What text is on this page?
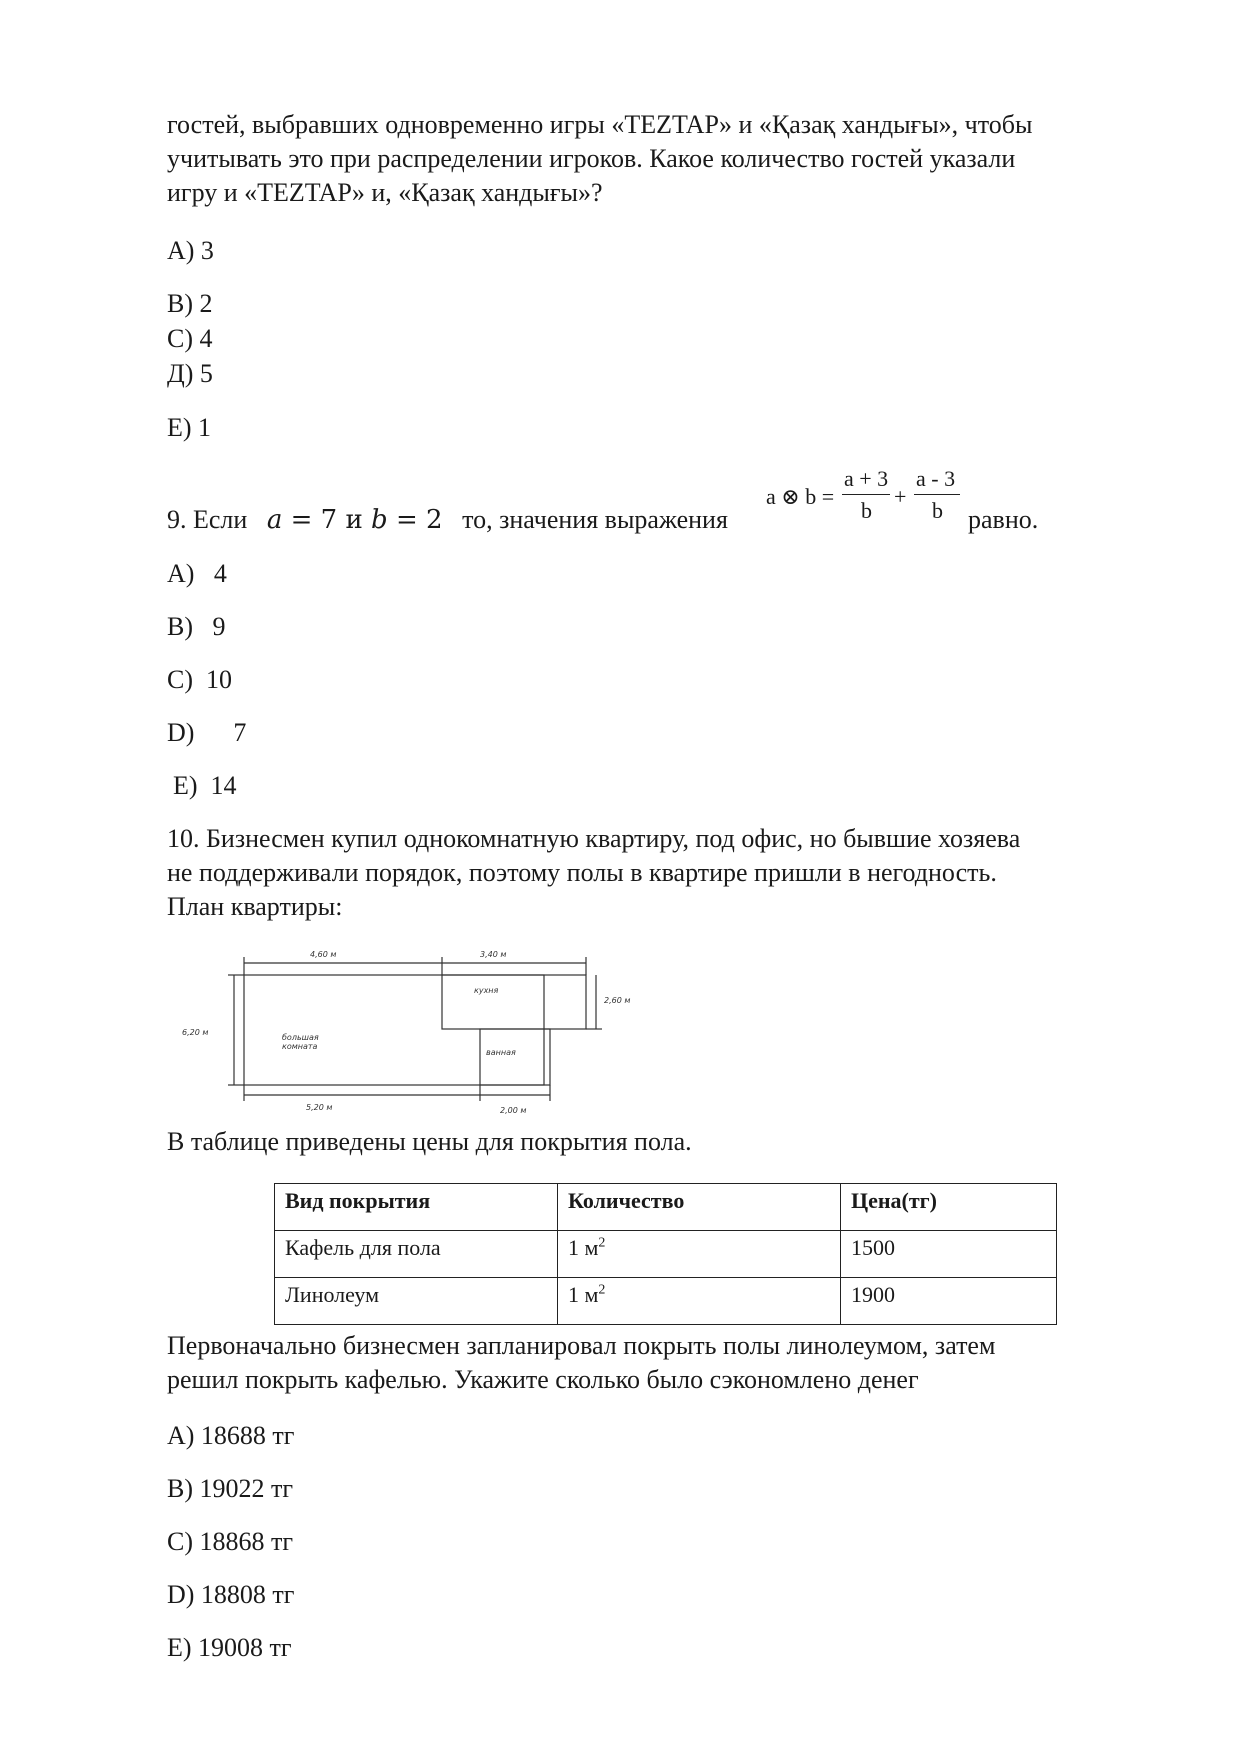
гостей, выбравших одновременно игры «TEZTAP» и «Қазақ хандығы», чтобы
учитывать это при распределении игроков. Какое количество гостей указали
игру и «TEZTAP» и, «Қазақ хандығы»?
А) 3
В) 2
С) 4
Д) 5
Е) 1
9. Если a = 7 и b = 2 то, значения выражения
a ⊗ b =
a + 3
b
+
a - 3
b равно.
A)   4
B)   9
C)  10
D)      7
E)  14
10. Бизнесмен купил однокомнатную квартиру, под офис, но бывшие хозяева
не поддерживали порядок, поэтому полы в квартире пришли в негодность.
План квартиры:
4,60 м	3,40 м
6,20 м
2,60 м
кухня
большая
комната
ванная
5,20 м	2,00 м
В таблице приведены цены для покрытия пола.
Вид покрытия	Количество	Цена(тг)
Кафель для пола	1 $м^2$	1500
Линолеум	1 $м^2$	1900
Первоначально бизнесмен запланировал покрыть полы линолеумом, затем
решил покрыть кафелью. Укажите сколько было сэкономлено денег
A) 18688 тг
B) 19022 тг
C) 18868 тг
D) 18808 тг
E) 19008 тг
